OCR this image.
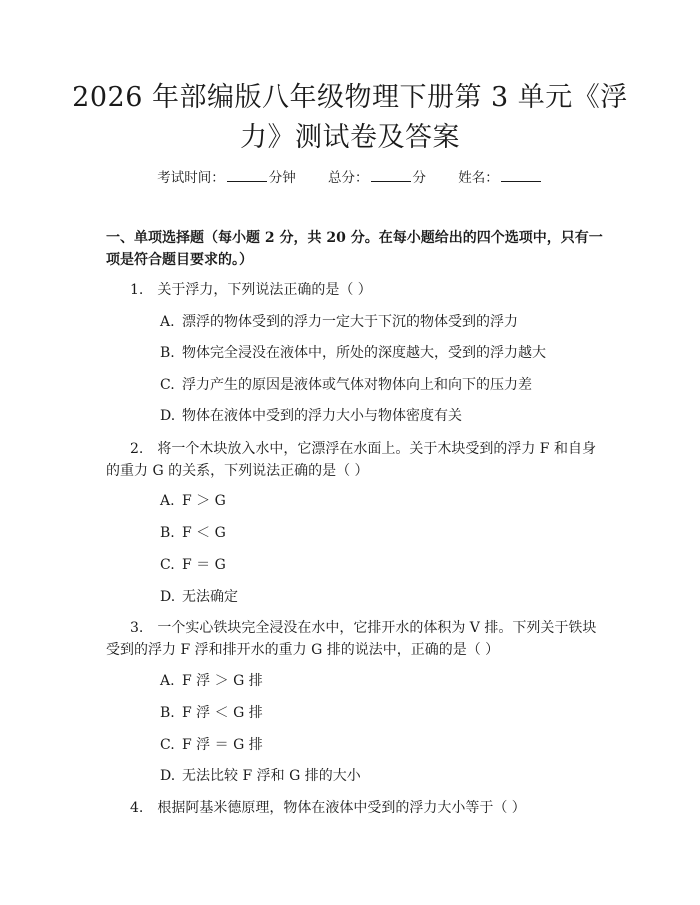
2026 年部编版八年级物理下册第 3 单元《浮力》测试卷及答案
考试时间：	分钟 总分：	分 姓名：

一、单项选择题（每小题 2 分，共 20 分。在每小题给出的四个选项中，只有一项是符合题目要求的。）

1. 关于浮力，下列说法正确的是（ ）

A. 漂浮的物体受到的浮力一定大于下沉的物体受到的浮力

B. 物体完全浸没在液体中，所处的深度越大，受到的浮力越大

C. 浮力产生的原因是液体或气体对物体向上和向下的压力差

D. 物体在液体中受到的浮力大小与物体密度有关

2. 将一个木块放入水中，它漂浮在水面上。关于木块受到的浮力 F 和自身的重力 G 的关系，下列说法正确的是（ ）

A. F ＞ G

B. F ＜ G

C. F ＝ G

D. 无法确定

3. 一个实心铁块完全浸没在水中，它排开水的体积为 V 排。下列关于铁块受到的浮力 F 浮和排开水的重力 G 排的说法中，正确的是（ ）

A. F 浮 ＞ G 排

B. F 浮 ＜ G 排

C. F 浮 ＝ G 排

D. 无法比较 F 浮和 G 排的大小

4. 根据阿基米德原理，物体在液体中受到的浮力大小等于（ ）
